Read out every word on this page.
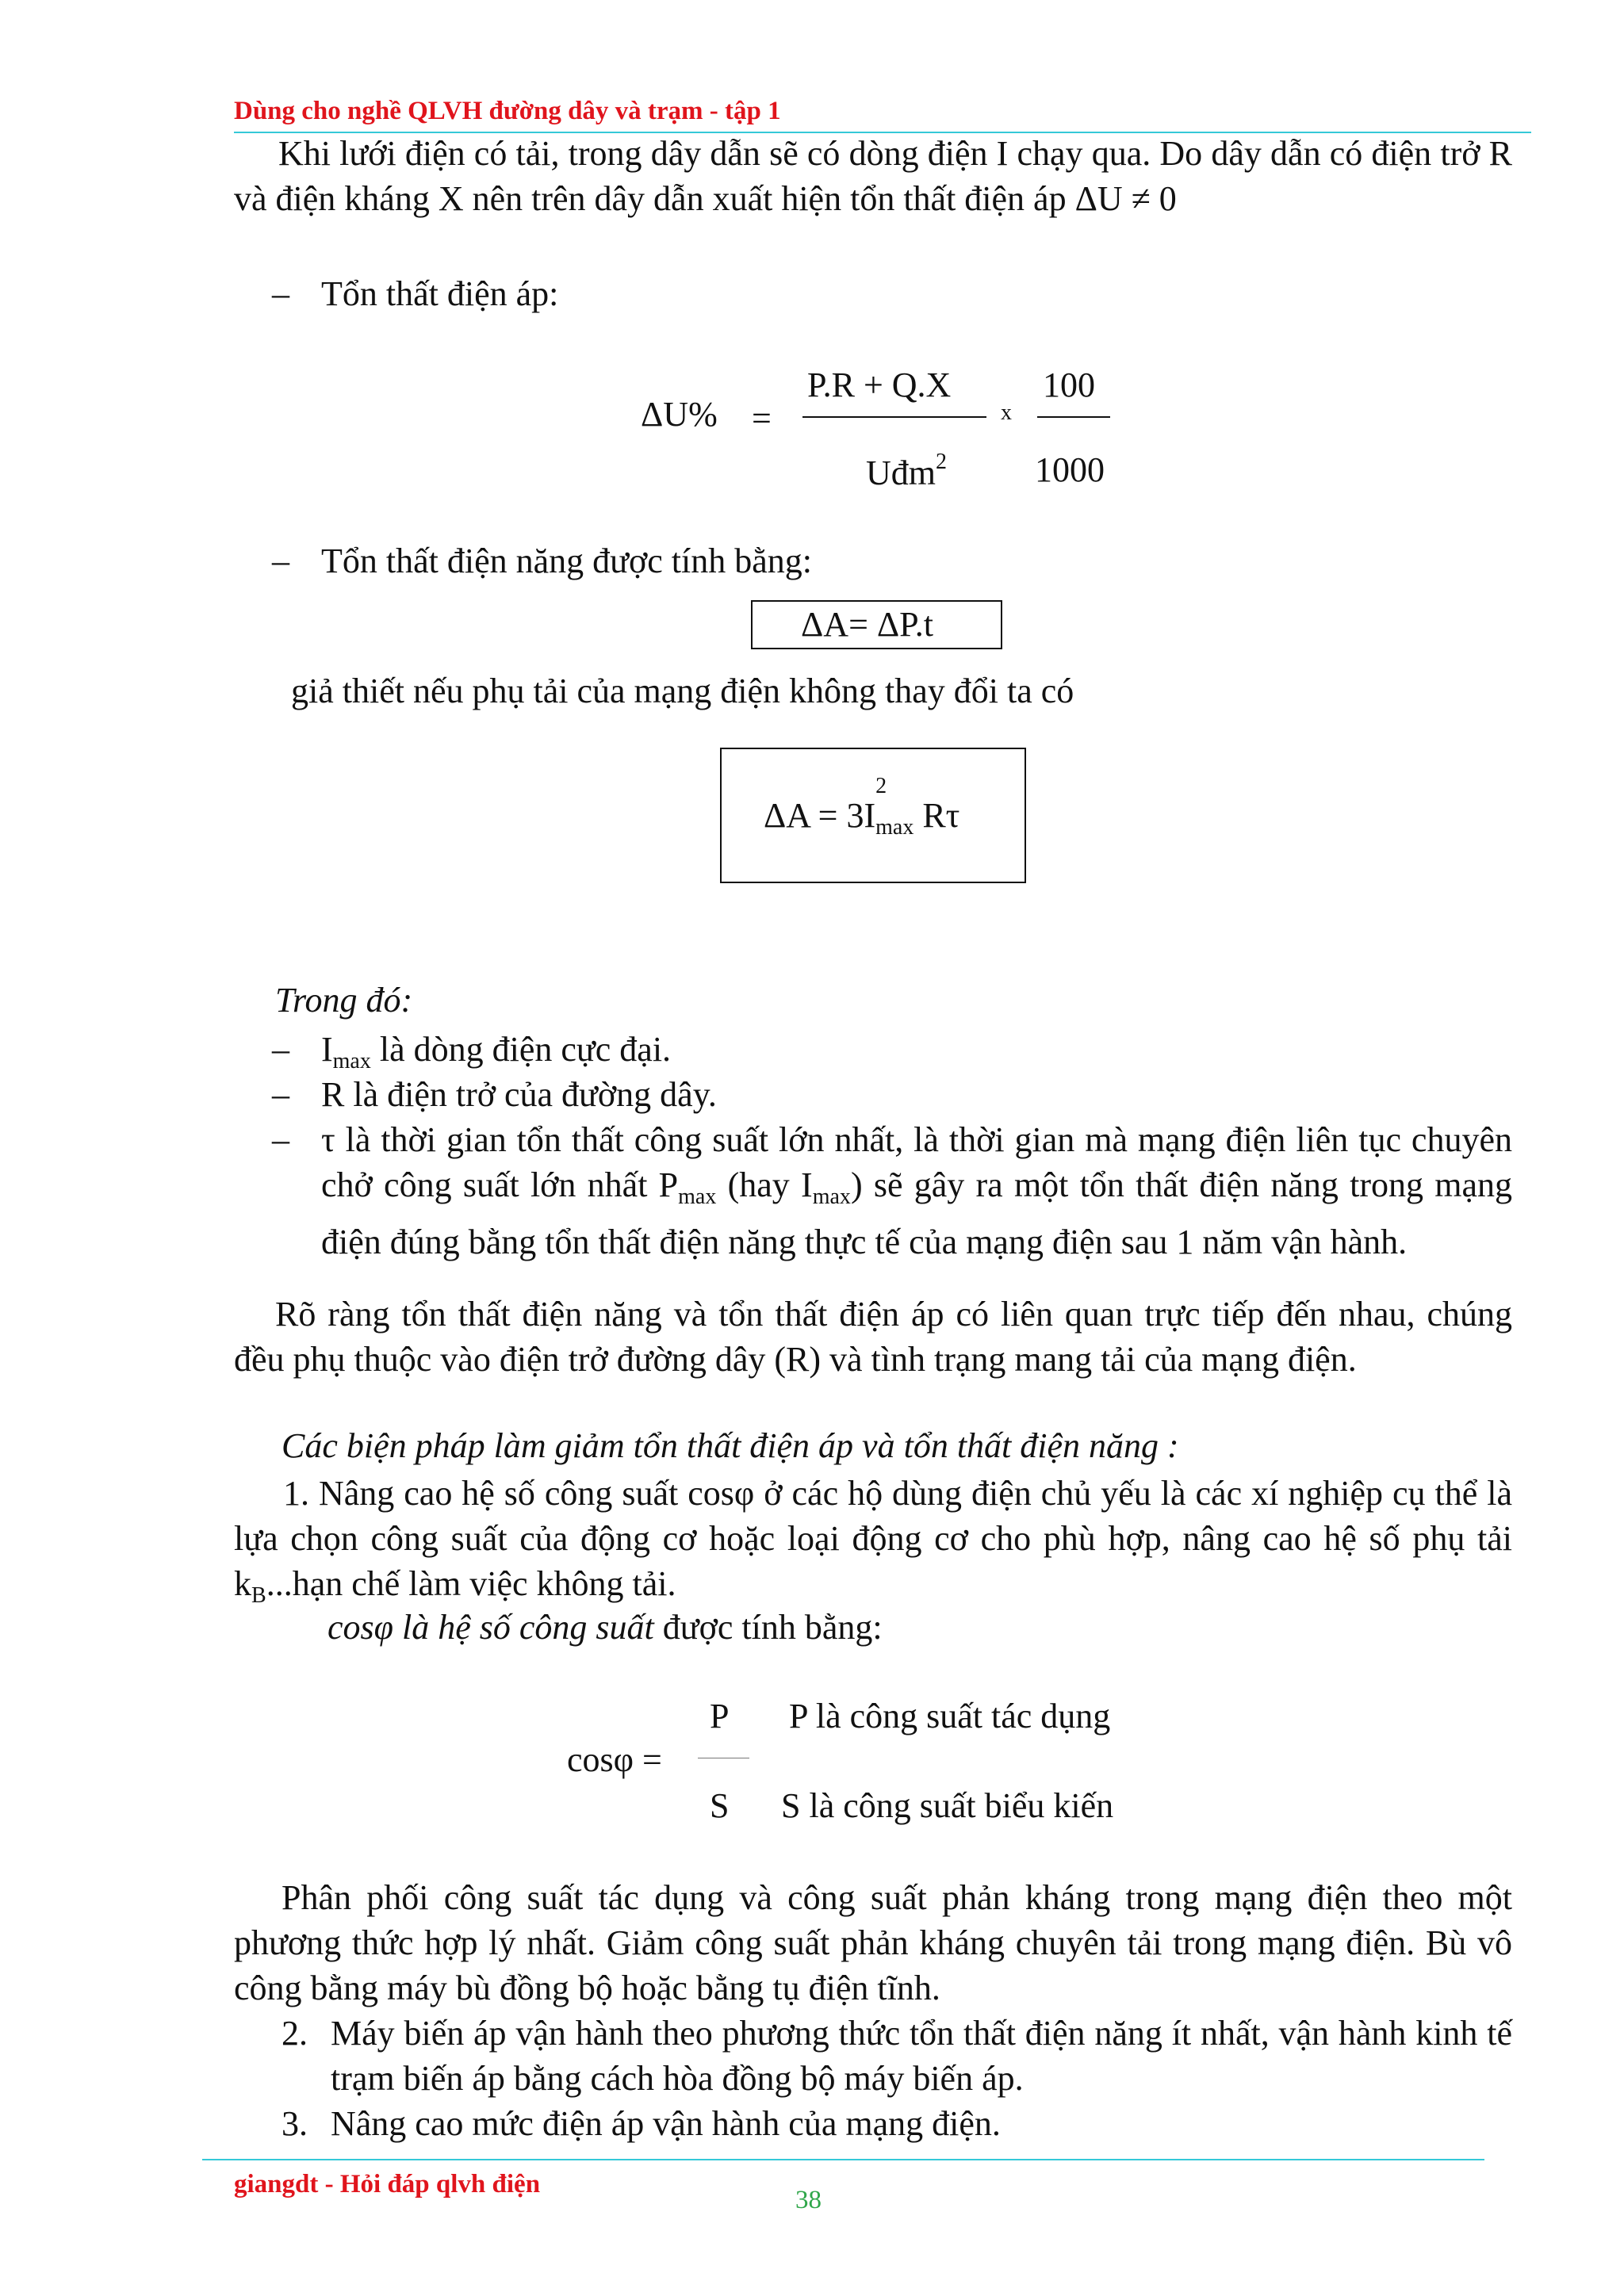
Dùng cho nghề QLVH đường dây và trạm - tập 1

Khi lưới điện có tải, trong dây dẫn sẽ có dòng điện I chạy qua. Do dây dẫn có điện trở R và điện kháng X nên trên dây dẫn xuất hiện tổn thất điện áp ΔU ≠ 0

– Tổn thất điện áp:
ΔU% =
P.R + Q.X
Uđm$^2$
x
100
1000
– Tổn thất điện năng được tính bằng:
ΔA= ΔP.t
giả thiết nếu phụ tải của mạng điện không thay đổi ta có
ΔA = 3I
2
$_{max}$ Rτ
Trong đó:
– $I_{max}$ là dòng điện cực đại.
– R là điện trở của đường dây.
– τ là thời gian tổn thất công suất lớn nhất, là thời gian mà mạng điện liên tục chuyên chở công suất lớn nhất $P_{max}$ (hay $I_{max}$) sẽ gây ra một tổn thất điện năng trong mạng điện đúng bằng tổn thất điện năng thực tế của mạng điện sau 1 năm vận hành.

Rõ ràng tổn thất điện năng và tổn thất điện áp có liên quan trực tiếp đến nhau, chúng đều phụ thuộc vào điện trở đường dây (R) và tình trạng mang tải của mạng điện.

Các biện pháp làm giảm tổn thất điện áp và tổn thất điện năng :

1. Nâng cao hệ số công suất cosφ ở các hộ dùng điện chủ yếu là các xí nghiệp cụ thể là lựa chọn công suất của động cơ hoặc loại động cơ cho phù hợp, nâng cao hệ số phụ tải $k_B...hạn$ chế làm việc không tải.

cosφ là hệ số công suất được tính bằng:
cosφ =
P
S
P là công suất tác dụng
S là công suất biểu kiến

Phân phối công suất tác dụng và công suất phản kháng trong mạng điện theo một phương thức hợp lý nhất. Giảm công suất phản kháng chuyên tải trong mạng điện. Bù vô công bằng máy bù đồng bộ hoặc bằng tụ điện tĩnh.

2. Máy biến áp vận hành theo phương thức tổn thất điện năng ít nhất, vận hành kinh tế trạm biến áp bằng cách hòa đồng bộ máy biến áp.
3. Nâng cao mức điện áp vận hành của mạng điện.
giangdt - Hỏi đáp qlvh điện
38
